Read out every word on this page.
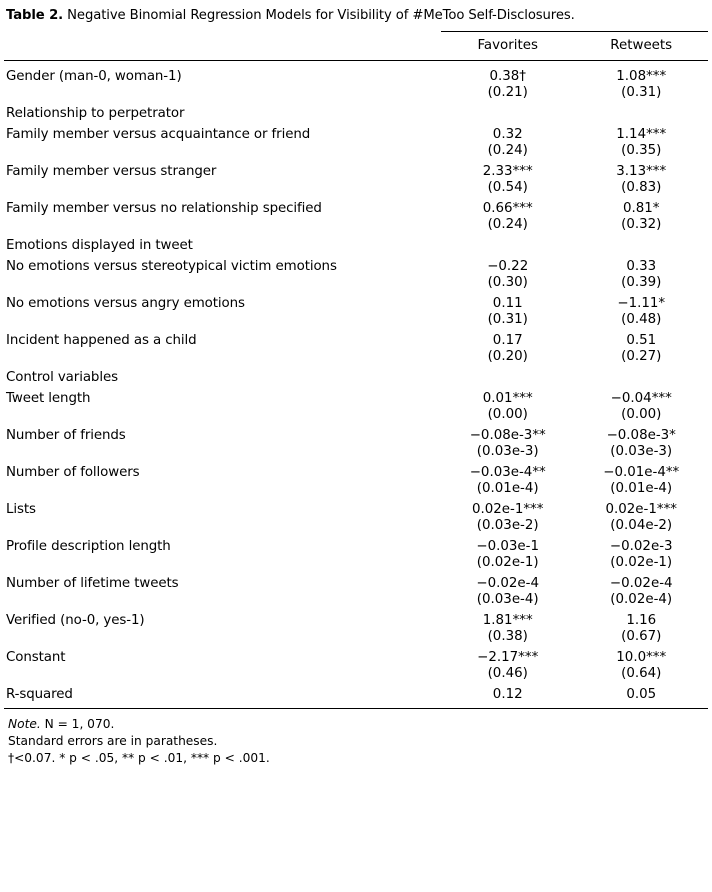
Table 2. Negative Binomial Regression Models for Visibility of #MeToo Self-Disclosures.
	Favorites	Retweets
Gender (man-0, woman-1)	0.38†	1.08***
	(0.21)	(0.31)
Relationship to perpetrator		
Family member versus acquaintance or friend	0.32	1.14***
	(0.24)	(0.35)
Family member versus stranger	2.33***	3.13***
	(0.54)	(0.83)
Family member versus no relationship specified	0.66***	0.81*
	(0.24)	(0.32)
Emotions displayed in tweet		
No emotions versus stereotypical victim emotions	−0.22	0.33
	(0.30)	(0.39)
No emotions versus angry emotions	0.11	−1.11*
	(0.31)	(0.48)
Incident happened as a child	0.17	0.51
	(0.20)	(0.27)
Control variables		
Tweet length	0.01***	−0.04***
	(0.00)	(0.00)
Number of friends	−0.08e-3**	−0.08e-3*
	(0.03e-3)	(0.03e-3)
Number of followers	−0.03e-4**	−0.01e-4**
	(0.01e-4)	(0.01e-4)
Lists	0.02e-1***	0.02e-1***
	(0.03e-2)	(0.04e-2)
Profile description length	−0.03e-1	−0.02e-3
	(0.02e-1)	(0.02e-1)
Number of lifetime tweets	−0.02e-4	−0.02e-4
	(0.03e-4)	(0.02e-4)
Verified (no-0, yes-1)	1.81***	1.16
	(0.38)	(0.67)
Constant	−2.17***	10.0***
	(0.46)	(0.64)
R-squared	0.12	0.05

Note. N = 1, 070.
Standard errors are in paratheses.
†<0.07. * p < .05, ** p < .01, *** p < .001.
